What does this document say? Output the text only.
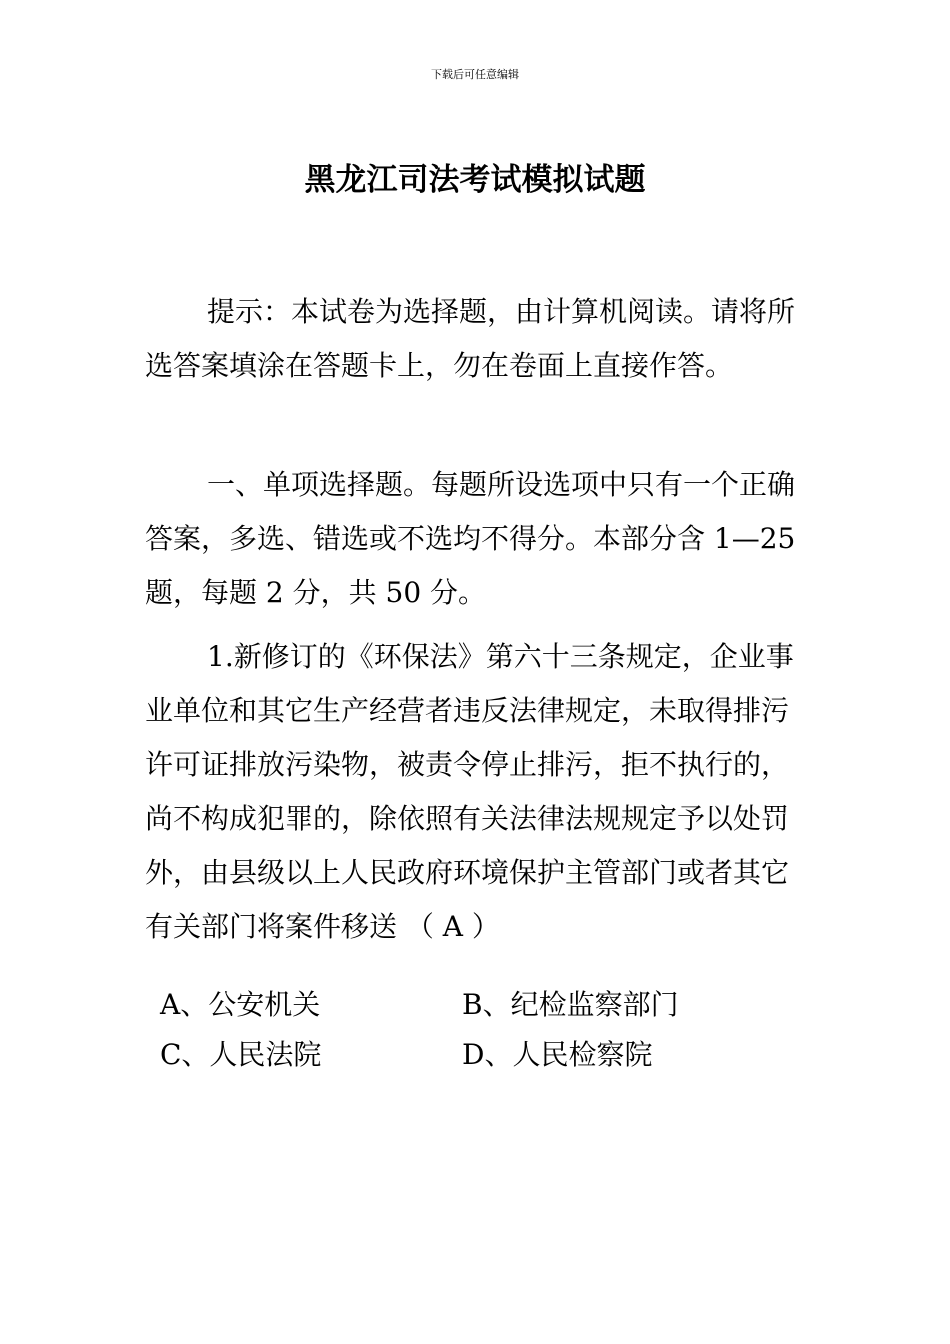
下载后可任意编辑
黑龙江司法考试模拟试题

提示：本试卷为选择题，由计算机阅读。请将所选答案填涂在答题卡上，勿在卷面上直接作答。

一、单项选择题。每题所设选项中只有一个正确答案，多选、错选或不选均不得分。本部分含 1—25 题，每题 2 分，共 50 分。

1.新修订的《环保法》第六十三条规定，企业事业单位和其它生产经营者违反法律规定，未取得排污许可证排放污染物，被责令停止排污，拒不执行的，尚不构成犯罪的，除依照有关法律法规规定予以处罚外，由县级以上人民政府环境保护主管部门或者其它有关部门将案件移送 （ A ）

A、公安机关	B、纪检监察部门
C、人民法院	D、人民检察院
